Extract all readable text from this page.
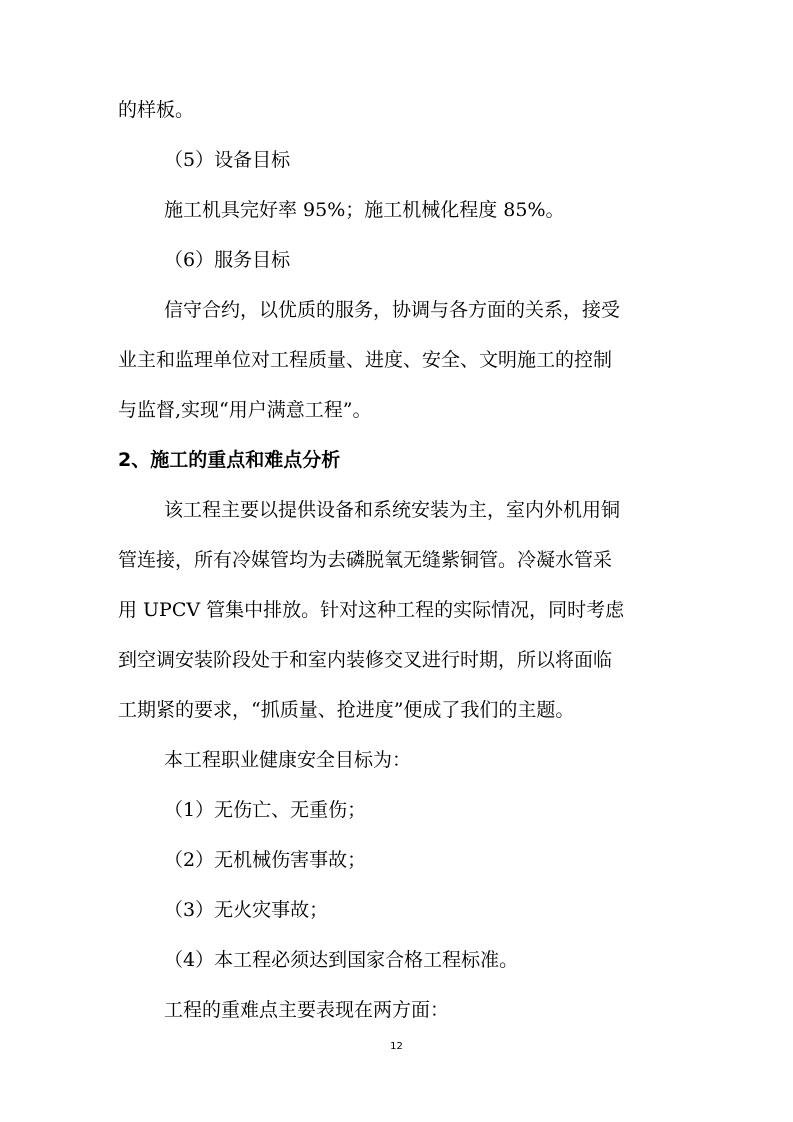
的样板。
（5）设备目标
施工机具完好率 95%；施工机械化程度 85%。
（6）服务目标
信守合约，以优质的服务，协调与各方面的关系，接受
业主和监理单位对工程质量、进度、安全、文明施工的控制
与监督,实现“用户满意工程”。
2、施工的重点和难点分析
该工程主要以提供设备和系统安装为主，室内外机用铜
管连接，所有冷媒管均为去磷脱氧无缝紫铜管。冷凝水管采
用 UPCV 管集中排放。针对这种工程的实际情况，同时考虑
到空调安装阶段处于和室内装修交叉进行时期，所以将面临
工期紧的要求，“抓质量、抢进度”便成了我们的主题。
本工程职业健康安全目标为：
（1）无伤亡、无重伤；
（2）无机械伤害事故；
（3）无火灾事故；
（4）本工程必须达到国家合格工程标准。
工程的重难点主要表现在两方面：
12
